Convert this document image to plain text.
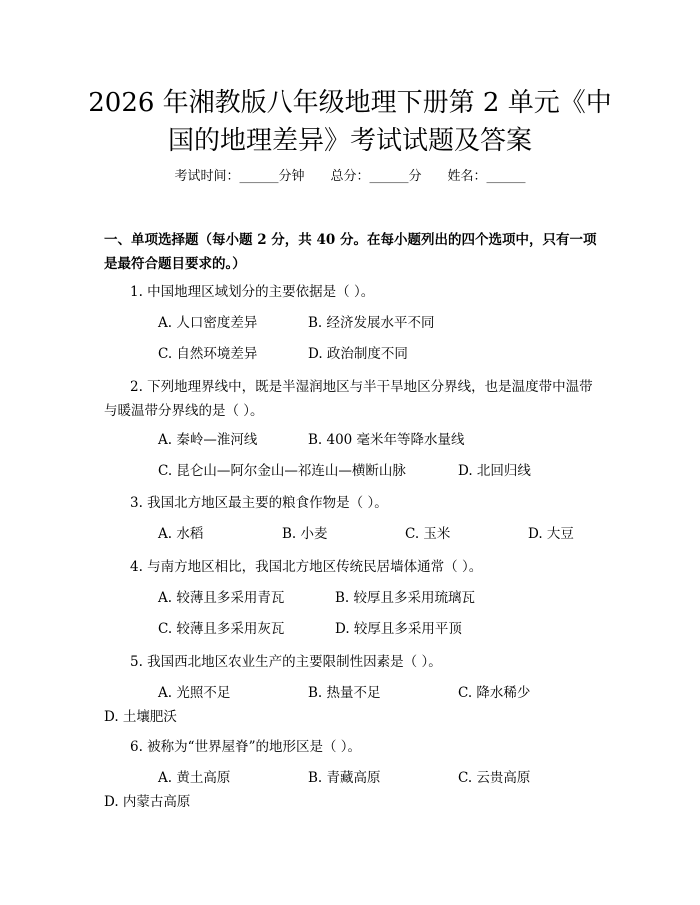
2026 年湘教版八年级地理下册第 2 单元《中
国的地理差异》考试试题及答案
考试时间：______分钟 总分：______分 姓名：______
一、单项选择题（每小题 2 分，共 40 分。在每小题列出的四个选项中，只有一项是最符合题目要求的。）
1. 中国地理区域划分的主要依据是（ ）。
A. 人口密度差异	B. 经济发展水平不同
C. 自然环境差异	D. 政治制度不同
2. 下列地理界线中，既是半湿润地区与半干旱地区分界线，也是温度带中温带与暖温带分界线的是（ ）。
A. 秦岭—淮河线	B. 400 毫米年等降水量线
C. 昆仑山—阿尔金山—祁连山—横断山脉	D. 北回归线
3. 我国北方地区最主要的粮食作物是（ ）。
A. 水稻	B. 小麦	C. 玉米	D. 大豆
4. 与南方地区相比，我国北方地区传统民居墙体通常（ ）。
A. 较薄且多采用青瓦	B. 较厚且多采用琉璃瓦
C. 较薄且多采用灰瓦	D. 较厚且多采用平顶
5. 我国西北地区农业生产的主要限制性因素是（ ）。
A. 光照不足	B. 热量不足	C. 降水稀少
D. 土壤肥沃
6. 被称为“世界屋脊”的地形区是（ ）。
A. 黄土高原	B. 青藏高原	C. 云贵高原
D. 内蒙古高原
